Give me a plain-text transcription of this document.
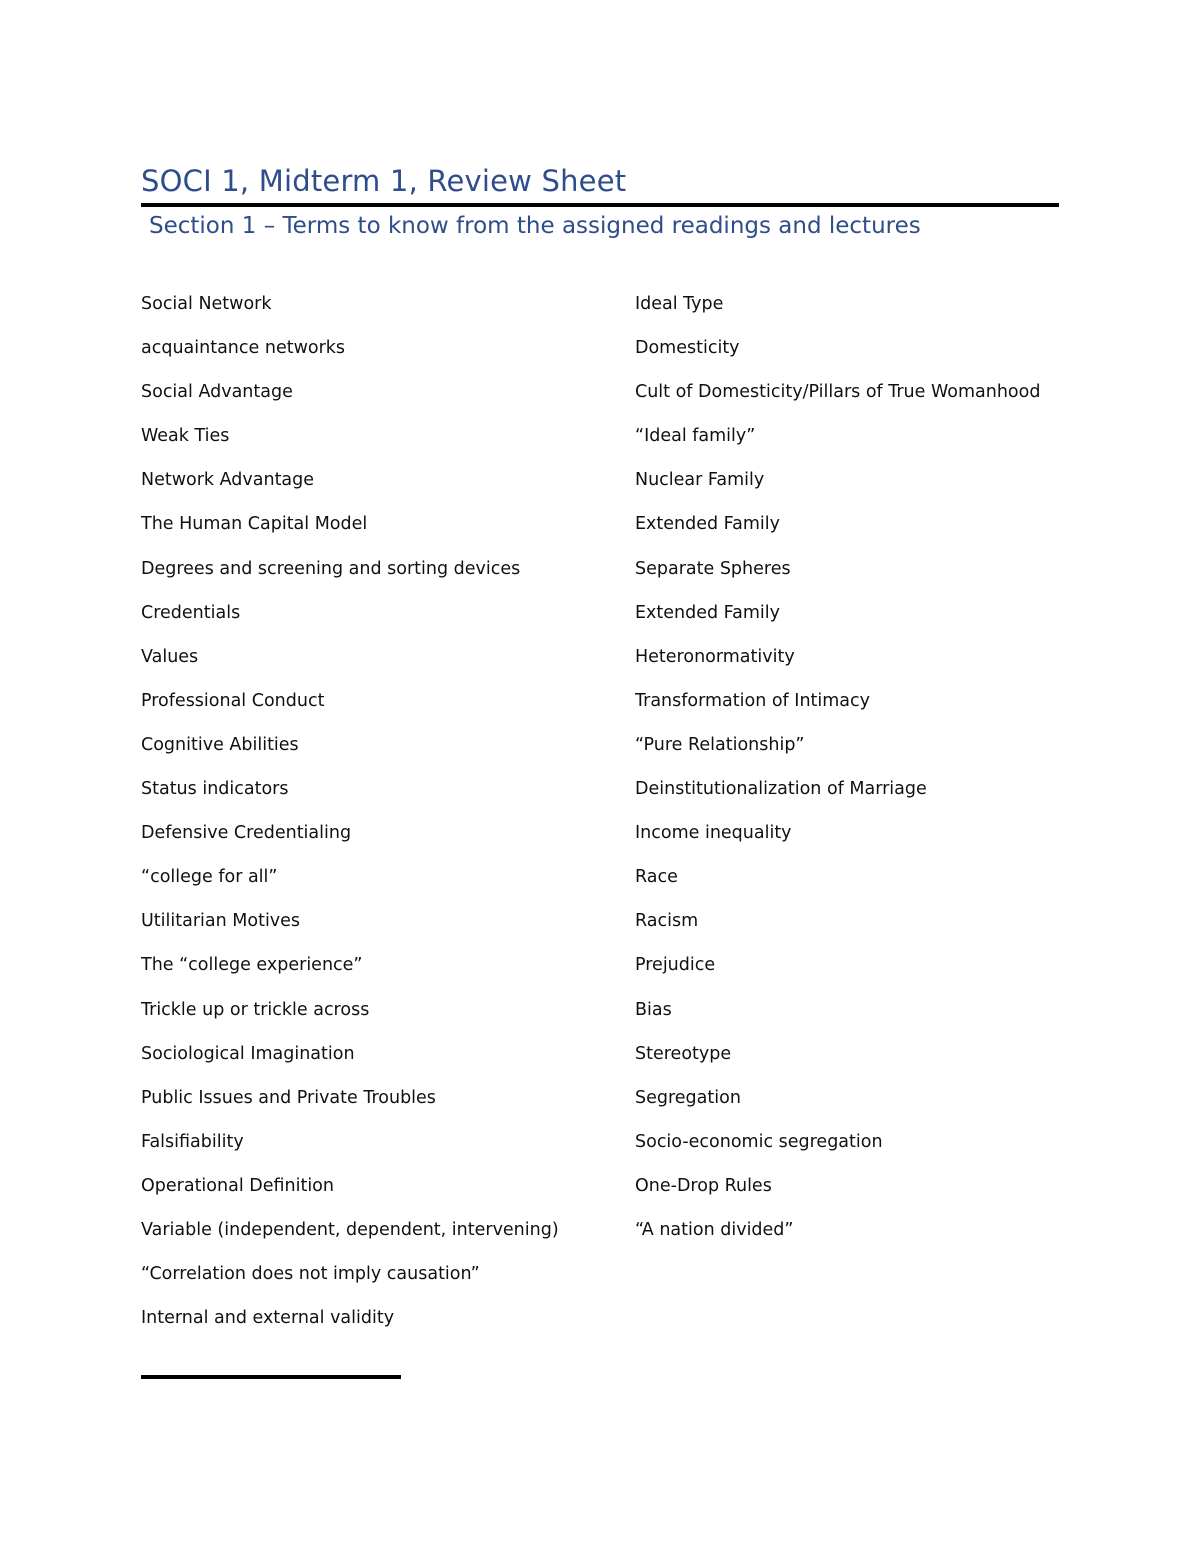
SOCI 1, Midterm 1, Review Sheet
Section 1 – Terms to know from the assigned readings and lectures
Social Network
acquaintance networks
Social Advantage
Weak Ties
Network Advantage
The Human Capital Model
Degrees and screening and sorting devices
Credentials
Values
Professional Conduct
Cognitive Abilities
Status indicators
Defensive Credentialing
“college for all”
Utilitarian Motives
The “college experience”
Trickle up or trickle across
Sociological Imagination
Public Issues and Private Troubles
Falsifiability
Operational Definition
Variable (independent, dependent, intervening)
“Correlation does not imply causation”
Internal and external validity
Ideal Type
Domesticity
Cult of Domesticity/Pillars of True Womanhood
“Ideal family”
Nuclear Family
Extended Family
Separate Spheres
Extended Family
Heteronormativity
Transformation of Intimacy
“Pure Relationship”
Deinstitutionalization of Marriage
Income inequality
Race
Racism
Prejudice
Bias
Stereotype
Segregation
Socio-economic segregation
One-Drop Rules
“A nation divided”
